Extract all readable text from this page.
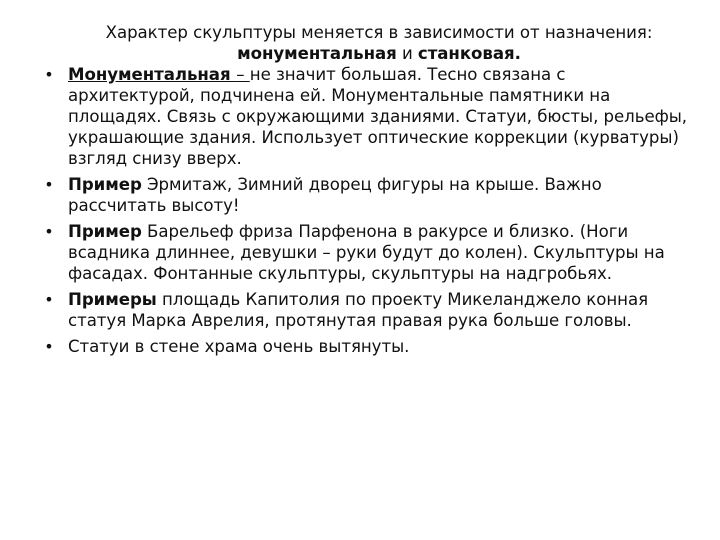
Характер скульптуры меняется в зависимости от назначения:
монументальная и станковая.
• Монументальная – не значит большая. Тесно связана с архитектурой, подчинена ей. Монументальные памятники на площадях. Связь с окружающими зданиями. Статуи, бюсты, рельефы, украшающие здания. Использует оптические коррекции (курватуры) взгляд снизу вверх.
• Пример Эрмитаж, Зимний дворец фигуры на крыше. Важно рассчитать высоту!
• Пример Барельеф фриза Парфенона в ракурсе и близко. (Ноги всадника длиннее, девушки – руки будут до колен). Скульптуры на фасадах. Фонтанные скульптуры, скульптуры на надгробьях.
• Примеры площадь Капитолия по проекту Микеланджело конная статуя Марка Аврелия, протянутая правая рука больше головы.
• Статуи в стене храма очень вытянуты.
